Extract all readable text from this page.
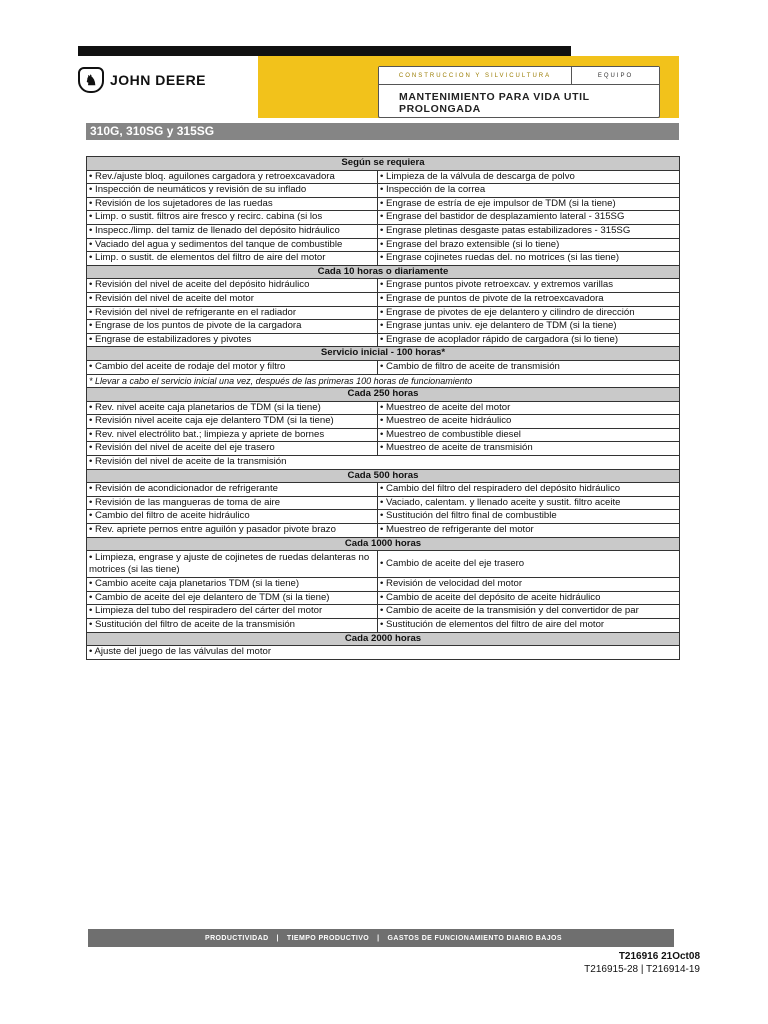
♞ JOHN DEERE	CONSTRUCCION Y SILVICULTURA	EQUIPO
MANTENIMIENTO PARA VIDA UTIL PROLONGADA
310G, 310SG y 315SG
Según se requiera	
• Rev./ajuste bloq. aguilones cargadora y retroexcavadora	• Limpieza de la válvula de descarga de polvo
• Inspección de neumáticos y revisión de su inflado	• Inspección de la correa
• Revisión de los sujetadores de las ruedas	• Engrase de estría de eje impulsor de TDM (si la tiene)
• Limp. o sustit. filtros aire fresco y recirc. cabina (si los	• Engrase del bastidor de desplazamiento lateral - 315SG
• Inspecc./limp. del tamiz de llenado del depósito hidráulico	• Engrase pletinas desgaste patas estabilizadores - 315SG
• Vaciado del agua y sedimentos del tanque de combustible	• Engrase del brazo extensible (si lo tiene)
• Limp. o sustit. de elementos del filtro de aire del motor	• Engrase cojinetes ruedas del. no motrices (si las tiene)
Cada 10 horas o diariamente	
• Revisión del nivel de aceite del depósito hidráulico	• Engrase puntos pivote retroexcav. y extremos varillas
• Revisión del nivel de aceite del motor	• Engrase de puntos de pivote de la retroexcavadora
• Revisión del nivel de refrigerante en el radiador	• Engrase de pivotes de eje delantero y cilindro de dirección
• Engrase de los puntos de pivote de la cargadora	• Engrase juntas univ. eje delantero de TDM (si la tiene)
• Engrase de estabilizadores y pivotes	• Engrase de acoplador rápido de cargadora (si lo tiene)
Servicio inicial - 100 horas*	
• Cambio del aceite de rodaje del motor y filtro	• Cambio de filtro de aceite de transmisión
* Llevar a cabo el servicio inicial una vez, después de las primeras 100 horas de funcionamiento	
Cada 250 horas	
• Rev. nivel aceite caja planetarios de TDM (si la tiene)	• Muestreo de aceite del motor
• Revisión nivel aceite caja eje delantero TDM (si la tiene)	• Muestreo de aceite hidráulico
• Rev. nivel electrólito bat.; limpieza y apriete de bornes	• Muestreo de combustible diesel
• Revisión del nivel de aceite del eje trasero	• Muestreo de aceite de transmisión
• Revisión del nivel de aceite de la transmisión	
Cada 500 horas	
• Revisión de acondicionador de refrigerante	• Cambio del filtro del respiradero del depósito hidráulico
• Revisión de las mangueras de toma de aire	• Vaciado, calentam. y llenado aceite y sustit. filtro aceite
• Cambio del filtro de aceite hidráulico	• Sustitución del filtro final de combustible
• Rev. apriete pernos entre aguilón y pasador pivote brazo	• Muestreo de refrigerante del motor
Cada 1000 horas	
• Limpieza, engrase y ajuste de cojinetes de ruedas delanteras no motrices (si las tiene)	• Cambio de aceite del eje trasero
• Cambio aceite caja planetarios TDM (si la tiene)	• Revisión de velocidad del motor
• Cambio de aceite del eje delantero de TDM (si la tiene)	• Cambio de aceite del depósito de aceite hidráulico
• Limpieza del tubo del respiradero del cárter del motor	• Cambio de aceite de la transmisión y del convertidor de par
• Sustitución del filtro de aceite de la transmisión	• Sustitución de elementos del filtro de aire del motor
Cada 2000 horas	
• Ajuste del juego de las válvulas del motor	
PRODUCTIVIDAD | TIEMPO PRODUCTIVO | GASTOS DE FUNCIONAMIENTO DIARIO BAJOS
T216916 21Oct08
T216915-28 | T216914-19
